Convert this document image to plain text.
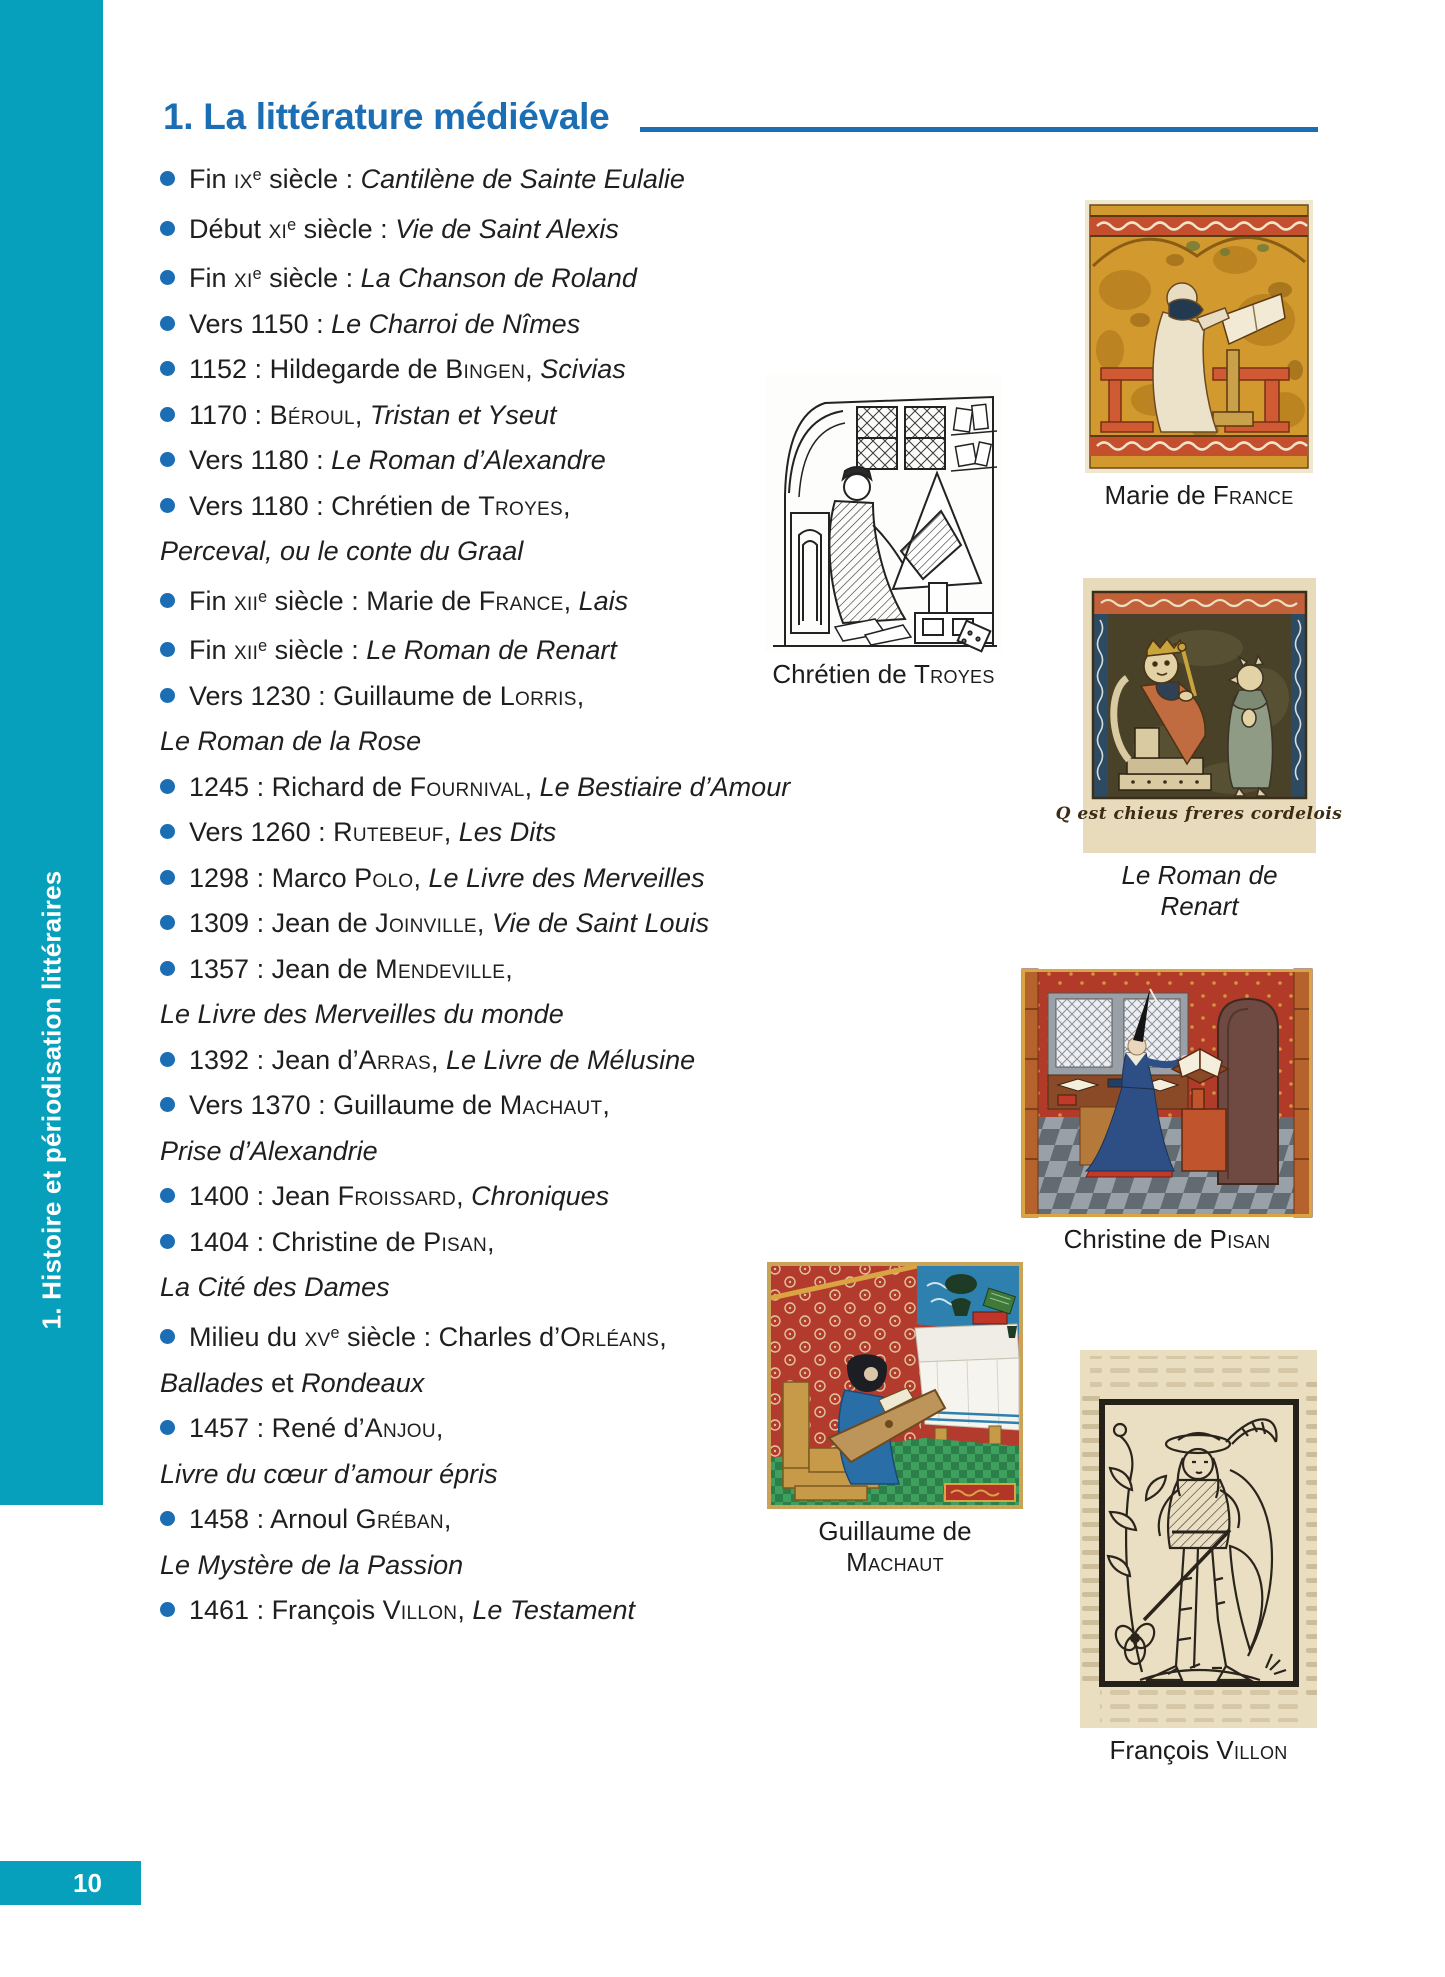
1. Histoire et périodisation littéraires
10
1. La littérature médiévale
Fin $ix^e$ siècle : Cantilène de Sainte Eulalie
Début $xi^e$ siècle : Vie de Saint Alexis
Fin $xi^e$ siècle : La Chanson de Roland
Vers 1150 : Le Charroi de Nîmes
1152 : Hildegarde de Bingen, Scivias
1170 : Béroul, Tristan et Yseut
Vers 1180 : Le Roman d’Alexandre
Vers 1180 : Chrétien de Troyes,
Perceval, ou le conte du Graal
Fin xii$^e$ siècle : Marie de France, Lais
Fin xii$^e$ siècle : Le Roman de Renart
Vers 1230 : Guillaume de Lorris,
Le Roman de la Rose
1245 : Richard de Fournival, Le Bestiaire d’Amour
Vers 1260 : Rutebeuf, Les Dits
1298 : Marco Polo, Le Livre des Merveilles
1309 : Jean de Joinville, Vie de Saint Louis
1357 : Jean de Mendeville,
Le Livre des Merveilles du monde
1392 : Jean d’Arras, Le Livre de Mélusine
Vers 1370 : Guillaume de Machaut,
Prise d’Alexandrie
1400 : Jean Froissard, Chroniques
1404 : Christine de Pisan,
La Cité des Dames
Milieu du $xv^e$ siècle : Charles d’Orléans,
Ballades et Rondeaux
1457 : René d’Anjou,
Livre du cœur d’amour épris
1458 : Arnoul Gréban,
Le Mystère de la Passion
1461 : François Villon, Le Testament
Marie de France
Chrétien de Troyes
Q est chieus freres cordelois
Le Roman de Renart
Christine de Pisan
Guillaume de Machaut
François Villon
